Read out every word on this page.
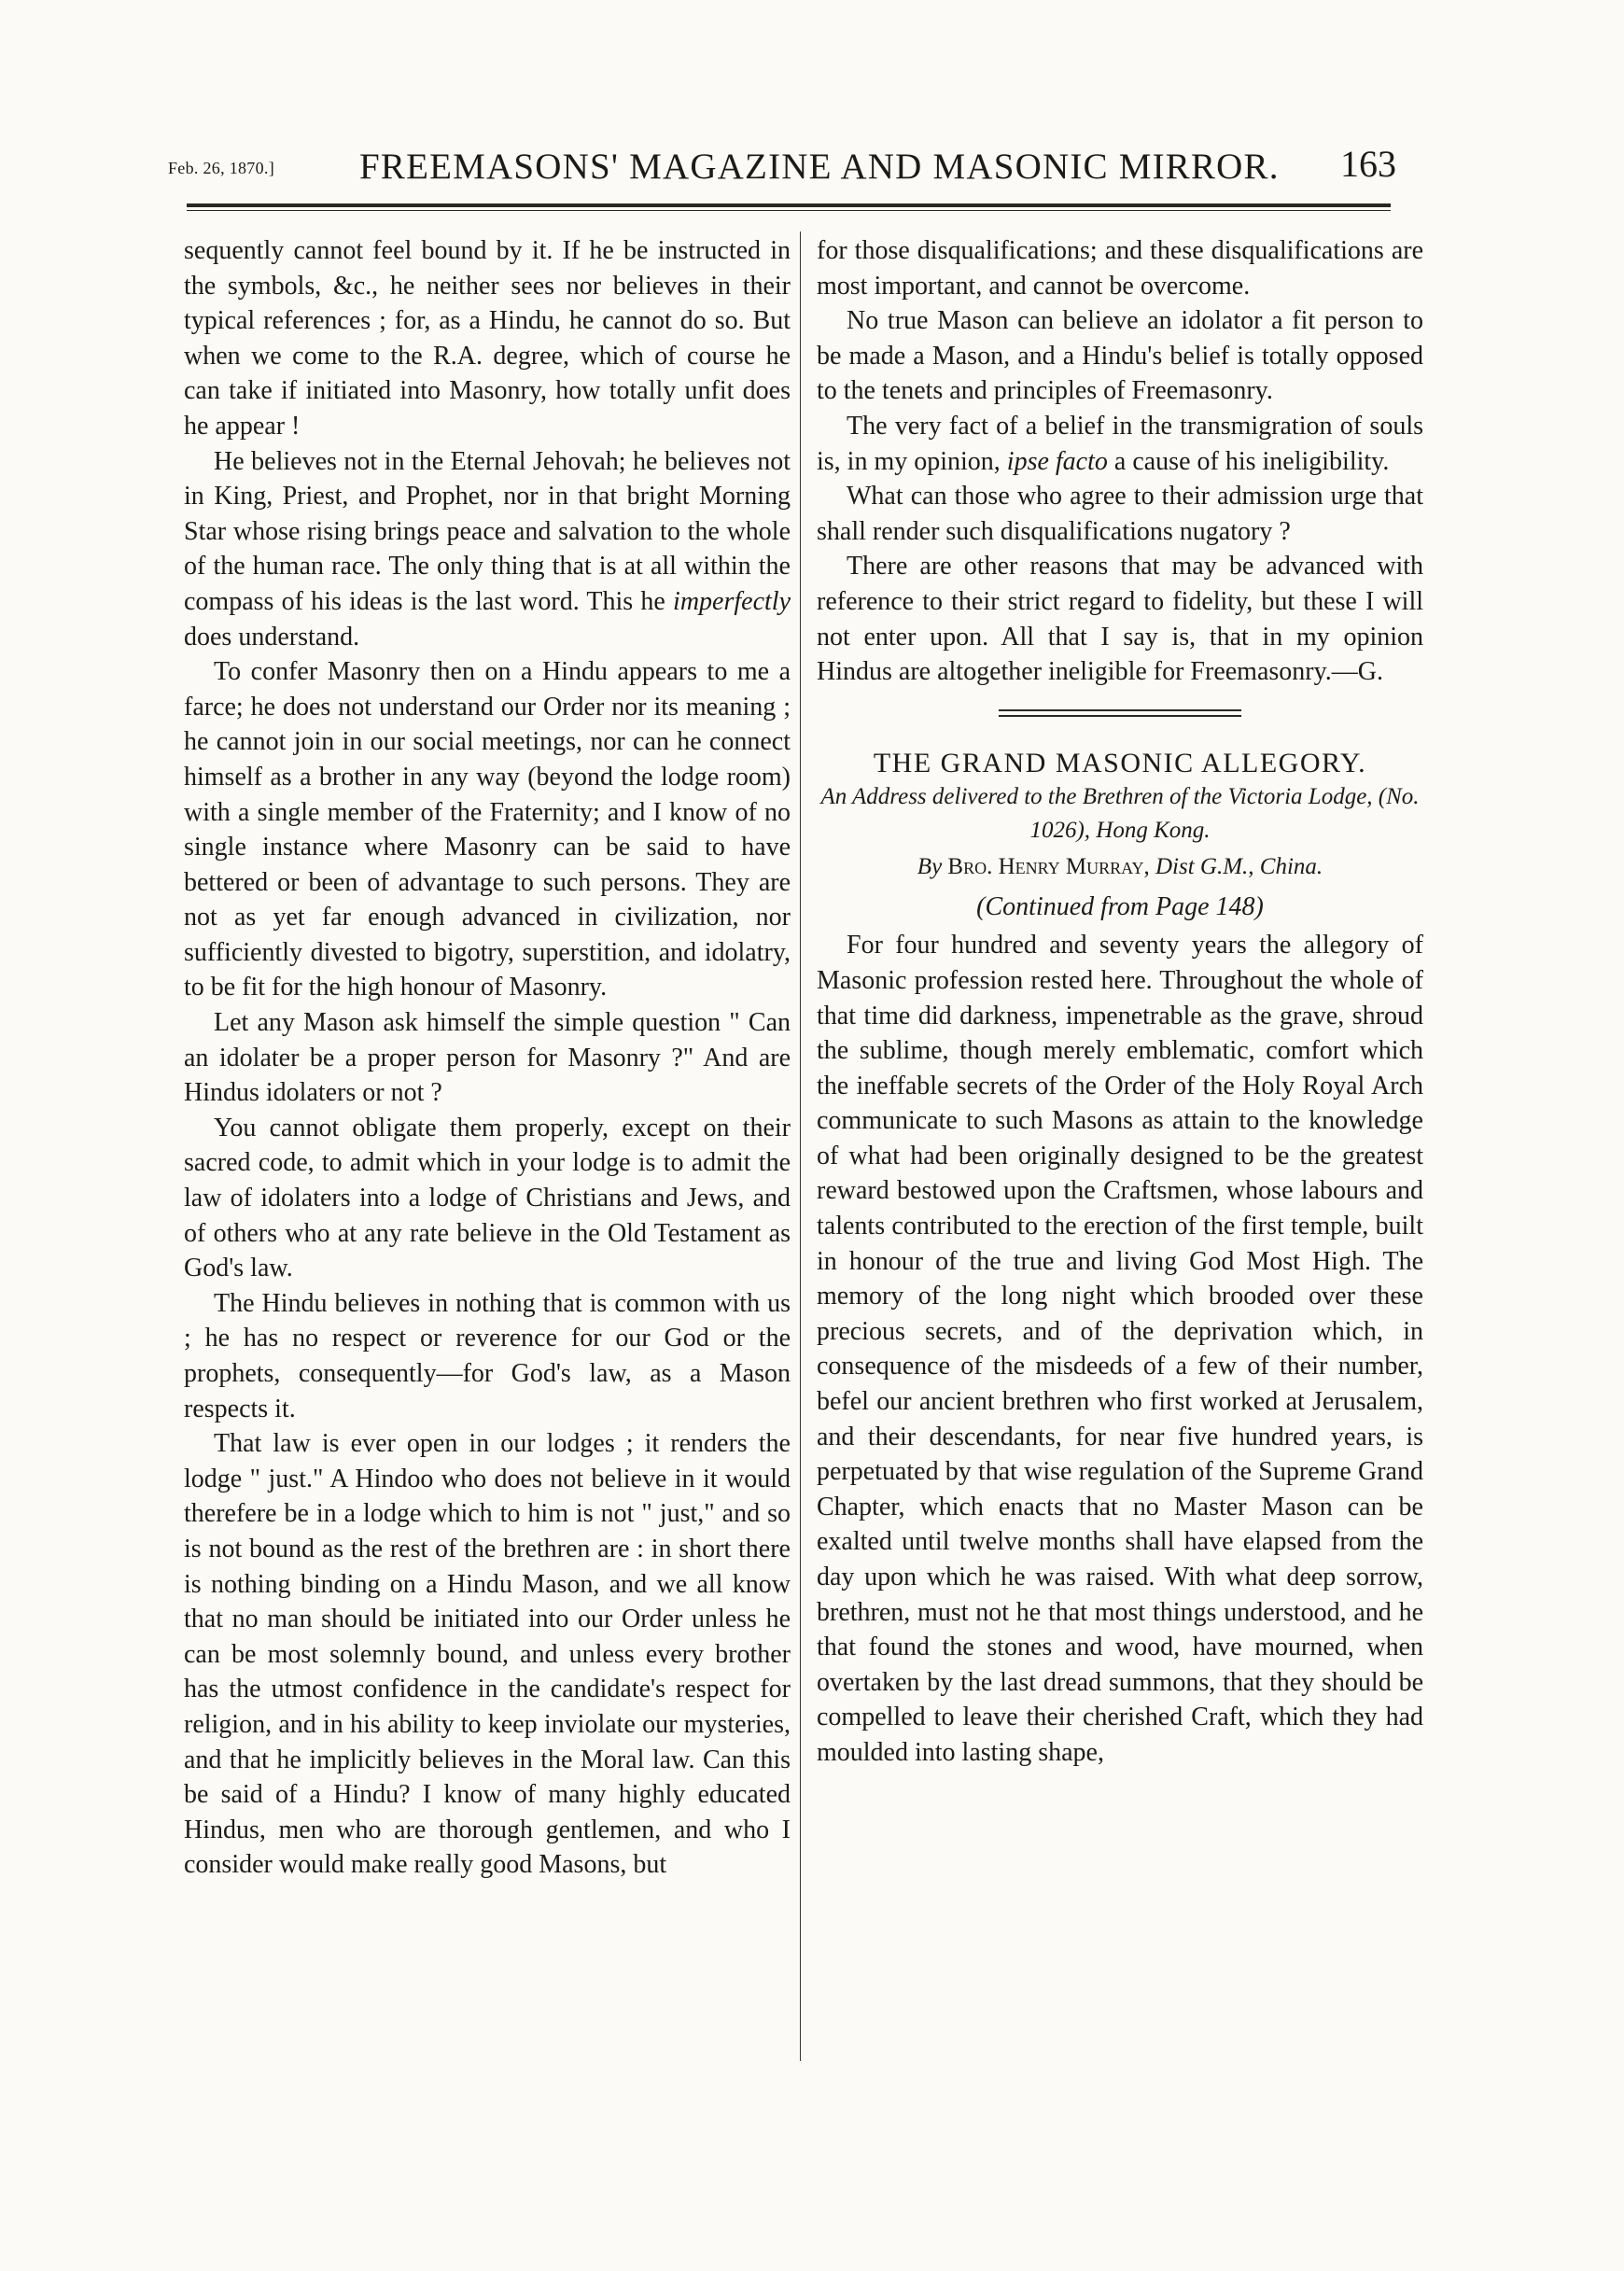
Feb. 26, 1870.] FREEMASONS' MAGAZINE AND MASONIC MIRROR. 163

sequently cannot feel bound by it. If he be instructed in the symbols, &c., he neither sees nor believes in their typical references ; for, as a Hindu, he cannot do so. But when we come to the R.A. degree, which of course he can take if initiated into Masonry, how totally unfit does he appear !

He believes not in the Eternal Jehovah; he believes not in King, Priest, and Prophet, nor in that bright Morning Star whose rising brings peace and salvation to the whole of the human race. The only thing that is at all within the compass of his ideas is the last word. This he imperfectly does understand.

To confer Masonry then on a Hindu appears to me a farce; he does not understand our Order nor its meaning ; he cannot join in our social meetings, nor can he connect himself as a brother in any way (beyond the lodge room) with a single member of the Fraternity; and I know of no single instance where Masonry can be said to have bettered or been of advantage to such persons. They are not as yet far enough advanced in civilization, nor sufficiently divested to bigotry, superstition, and idolatry, to be fit for the high honour of Masonry.

Let any Mason ask himself the simple question " Can an idolater be a proper person for Masonry ?" And are Hindus idolaters or not ?

You cannot obligate them properly, except on their sacred code, to admit which in your lodge is to admit the law of idolaters into a lodge of Christians and Jews, and of others who at any rate believe in the Old Testament as God's law.

The Hindu believes in nothing that is common with us ; he has no respect or reverence for our God or the prophets, consequently—for God's law, as a Mason respects it.

That law is ever open in our lodges ; it renders the lodge " just." A Hindoo who does not believe in it would therefere be in a lodge which to him is not " just," and so is not bound as the rest of the brethren are : in short there is nothing binding on a Hindu Mason, and we all know that no man should be initiated into our Order unless he can be most solemnly bound, and unless every brother has the utmost confidence in the candidate's respect for religion, and in his ability to keep inviolate our mysteries, and that he implicitly believes in the Moral law. Can this be said of a Hindu? I know of many highly educated Hindus, men who are thorough gentlemen, and who I consider would make really good Masons, but

for those disqualifications; and these disqualifications are most important, and cannot be overcome.

No true Mason can believe an idolator a fit person to be made a Mason, and a Hindu's belief is totally opposed to the tenets and principles of Freemasonry.

The very fact of a belief in the transmigration of souls is, in my opinion, ipse facto a cause of his ineligibility.

What can those who agree to their admission urge that shall render such disqualifications nugatory ?

There are other reasons that may be advanced with reference to their strict regard to fidelity, but these I will not enter upon. All that I say is, that in my opinion Hindus are altogether ineligible for Freemasonry.—G.

THE GRAND MASONIC ALLEGORY.

An Address delivered to the Brethren of the Victoria Lodge, (No. 1026), Hong Kong.

By Bro. Henry Murray, Dist G.M., China.

(Continued from Page 148)

For four hundred and seventy years the allegory of Masonic profession rested here. Throughout the whole of that time did darkness, impenetrable as the grave, shroud the sublime, though merely emblematic, comfort which the ineffable secrets of the Order of the Holy Royal Arch communicate to such Masons as attain to the knowledge of what had been originally designed to be the greatest reward bestowed upon the Craftsmen, whose labours and talents contributed to the erection of the first temple, built in honour of the true and living God Most High. The memory of the long night which brooded over these precious secrets, and of the deprivation which, in consequence of the misdeeds of a few of their number, befel our ancient brethren who first worked at Jerusalem, and their descendants, for near five hundred years, is perpetuated by that wise regulation of the Supreme Grand Chapter, which enacts that no Master Mason can be exalted until twelve months shall have elapsed from the day upon which he was raised. With what deep sorrow, brethren, must not he that most things understood, and he that found the stones and wood, have mourned, when overtaken by the last dread summons, that they should be compelled to leave their cherished Craft, which they had moulded into lasting shape,
